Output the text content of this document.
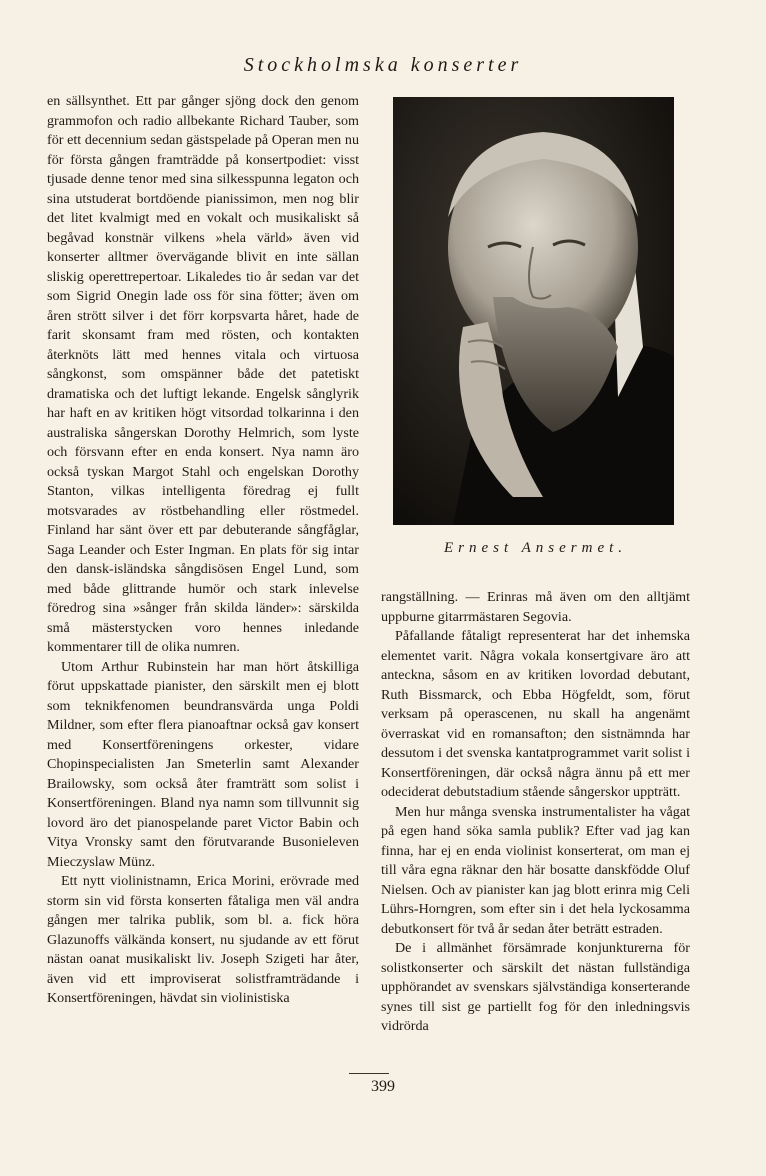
Stockholmska konserter

en sällsynthet. Ett par gånger sjöng dock den genom grammofon och radio allbekante Richard Tauber, som för ett decennium sedan gästspelade på Operan men nu för första gången framträdde på konsertpodiet: visst tjusade denne tenor med sina silkesspunna legaton och sina utstuderat bortdöende pianissimon, men nog blir det litet kvalmigt med en vokalt och musikaliskt så begåvad konstnär vilkens »hela värld» även vid konserter alltmer övervägande blivit en inte sällan sliskig operettrepertoar. Likaledes tio år sedan var det som Sigrid Onegin lade oss för sina fötter; även om åren strött silver i det förr korpsvarta håret, hade de farit skonsamt fram med rösten, och kontakten återknöts lätt med hennes vitala och virtuosa sångkonst, som omspänner både det patetiskt dramatiska och det luftigt lekande. Engelsk sånglyrik har haft en av kritiken högt vitsordad tolkarinna i den australiska sångerskan Dorothy Helmrich, som lyste och försvann efter en enda konsert. Nya namn äro också tyskan Margot Stahl och engelskan Dorothy Stanton, vilkas intelligenta föredrag ej fullt motsvarades av röstbehandling eller röstmedel. Finland har sänt över ett par debuterande sångfåglar, Saga Leander och Ester Ingman. En plats för sig intar den dansk-isländska sångdisösen Engel Lund, som med både glittrande humör och stark inlevelse föredrog sina »sånger från skilda länder»: särskilda små mästerstycken voro hennes inledande kommentarer till de olika numren.

Utom Arthur Rubinstein har man hört åtskilliga förut uppskattade pianister, den särskilt men ej blott som teknikfenomen beundransvärda unga Poldi Mildner, som efter flera pianoaftnar också gav konsert med Konsertföreningens orkester, vidare Chopinspecialisten Jan Smeterlin samt Alexander Brailowsky, som också åter framträtt som solist i Konsertföreningen. Bland nya namn som tillvunnit sig lovord äro det pianospelande paret Victor Babin och Vitya Vronsky samt den förutvarande Busonieleven Mieczyslaw Münz.

Ett nytt violinistnamn, Erica Morini, erövrade med storm sin vid första konserten fåtaliga men väl andra gången mer talrika publik, som bl. a. fick höra Glazunoffs välkända konsert, nu sjudande av ett förut nästan oanat musikaliskt liv. Joseph Szigeti har åter, även vid ett improviserat solistframträdande i Konsertföreningen, hävdat sin violinistiska

Ernest Ansermet.

rangställning. — Erinras må även om den alltjämt uppburne gitarrmästaren Segovia.

Påfallande fåtaligt representerat har det inhemska elementet varit. Några vokala konsertgivare äro att anteckna, såsom en av kritiken lovordad debutant, Ruth Bissmarck, och Ebba Högfeldt, som, förut verksam på operascenen, nu skall ha angenämt överraskat vid en romansafton; den sistnämnda har dessutom i det svenska kantatprogrammet varit solist i Konsertföreningen, där också några ännu på ett mer odeciderat debutstadium stående sångerskor uppträtt.

Men hur många svenska instrumentalister ha vågat på egen hand söka samla publik? Efter vad jag kan finna, har ej en enda violinist konserterat, om man ej till våra egna räknar den här bosatte danskfödde Oluf Nielsen. Och av pianister kan jag blott erinra mig Celi Lührs-Horngren, som efter sin i det hela lyckosamma debutkonsert för två år sedan åter beträtt estraden.

De i allmänhet försämrade konjunkturerna för solistkonserter och särskilt det nästan fullständiga upphörandet av svenskars självständiga konserterande synes till sist ge partiellt fog för den inledningsvis vidrörda

399
